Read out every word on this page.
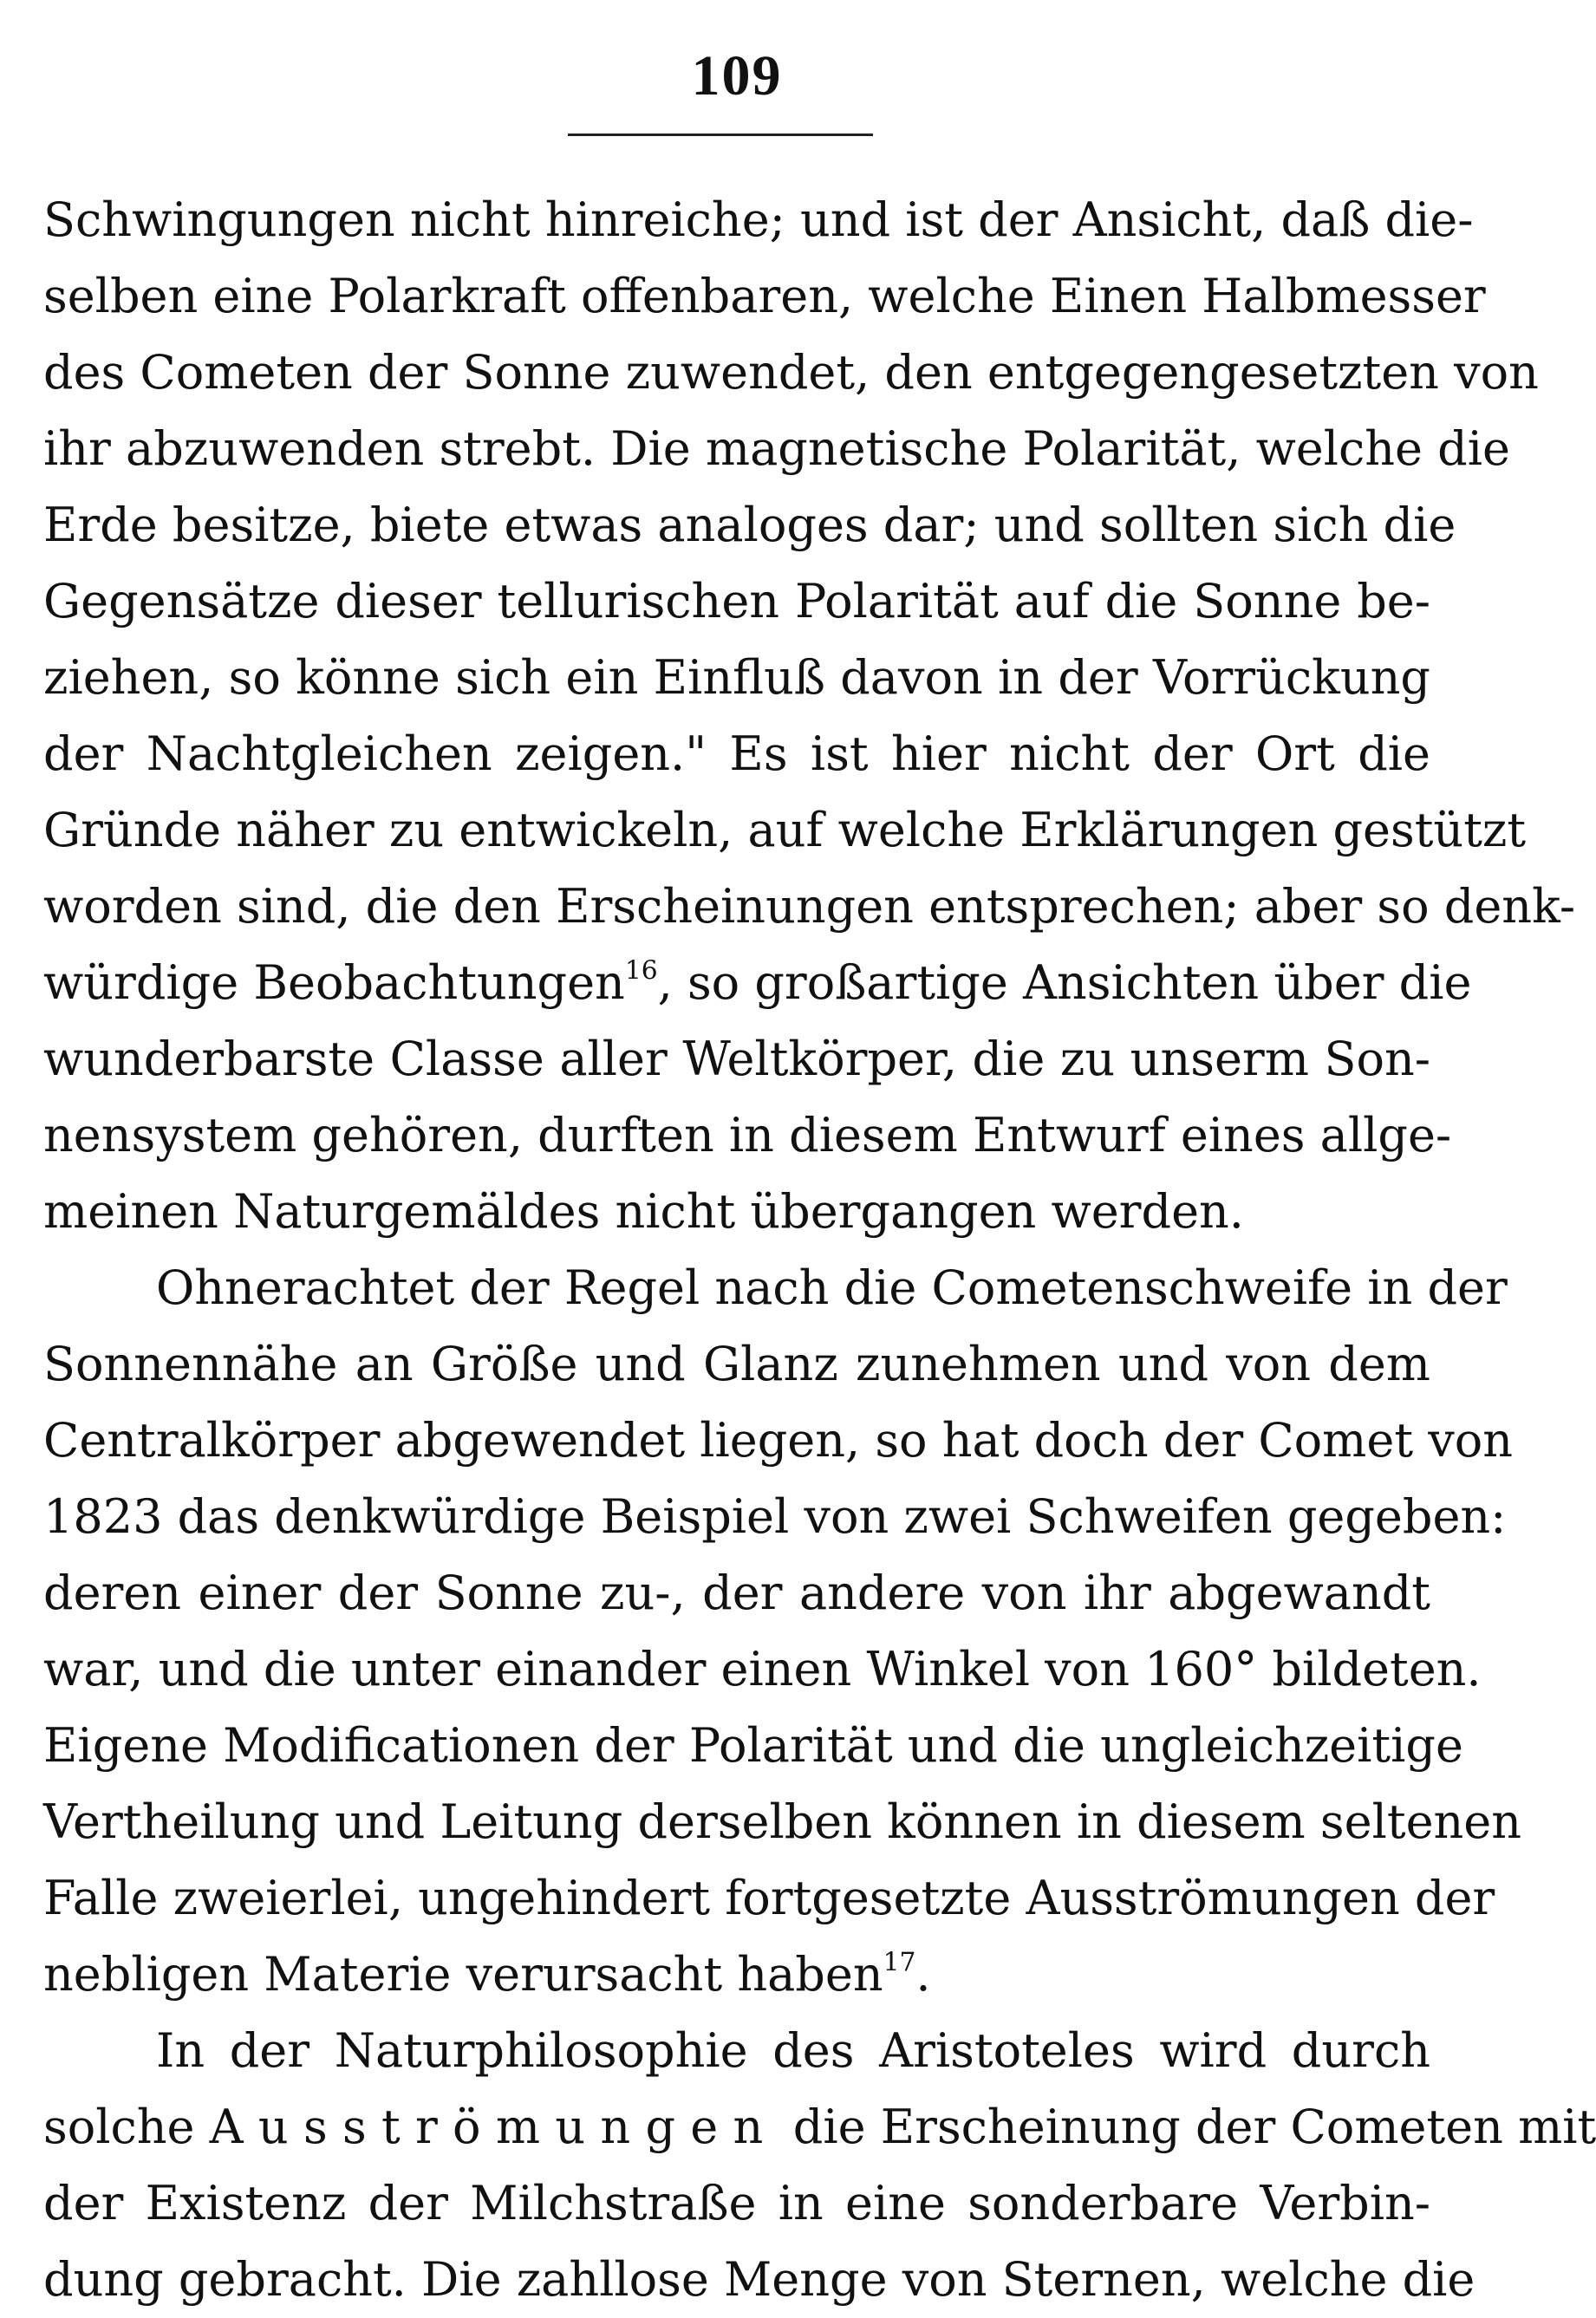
109
Schwingungen nicht hinreiche; und ist der Ansicht, daß die-
selben eine Polarkraft offenbaren, welche Einen Halbmesser
des Cometen der Sonne zuwendet, den entgegengesetzten von
ihr abzuwenden strebt. Die magnetische Polarität, welche die
Erde besitze, biete etwas analoges dar; und sollten sich die
Gegensätze dieser tellurischen Polarität auf die Sonne be-
ziehen, so könne sich ein Einfluß davon in der Vorrückung
der Nachtgleichen zeigen." Es ist hier nicht der Ort die
Gründe näher zu entwickeln, auf welche Erklärungen gestützt
worden sind, die den Erscheinungen entsprechen; aber so denk-
würdige Beobachtungen$^{16}$, so großartige Ansichten über die
wunderbarste Classe aller Weltkörper, die zu unserm Son-
nensystem gehören, durften in diesem Entwurf eines allge-
meinen Naturgemäldes nicht übergangen werden.
Ohnerachtet der Regel nach die Cometenschweife in der
Sonnennähe an Größe und Glanz zunehmen und von dem
Centralkörper abgewendet liegen, so hat doch der Comet von
1823 das denkwürdige Beispiel von zwei Schweifen gegeben:
deren einer der Sonne zu-, der andere von ihr abgewandt
war, und die unter einander einen Winkel von 160° bildeten.
Eigene Modificationen der Polarität und die ungleichzeitige
Vertheilung und Leitung derselben können in diesem seltenen
Falle zweierlei, ungehindert fortgesetzte Ausströmungen der
nebligen Materie verursacht haben$^{17}$.
In der Naturphilosophie des Aristoteles wird durch
solche Ausströmungen die Erscheinung der Cometen mit
der Existenz der Milchstraße in eine sonderbare Verbin-
dung gebracht. Die zahllose Menge von Sternen, welche die
